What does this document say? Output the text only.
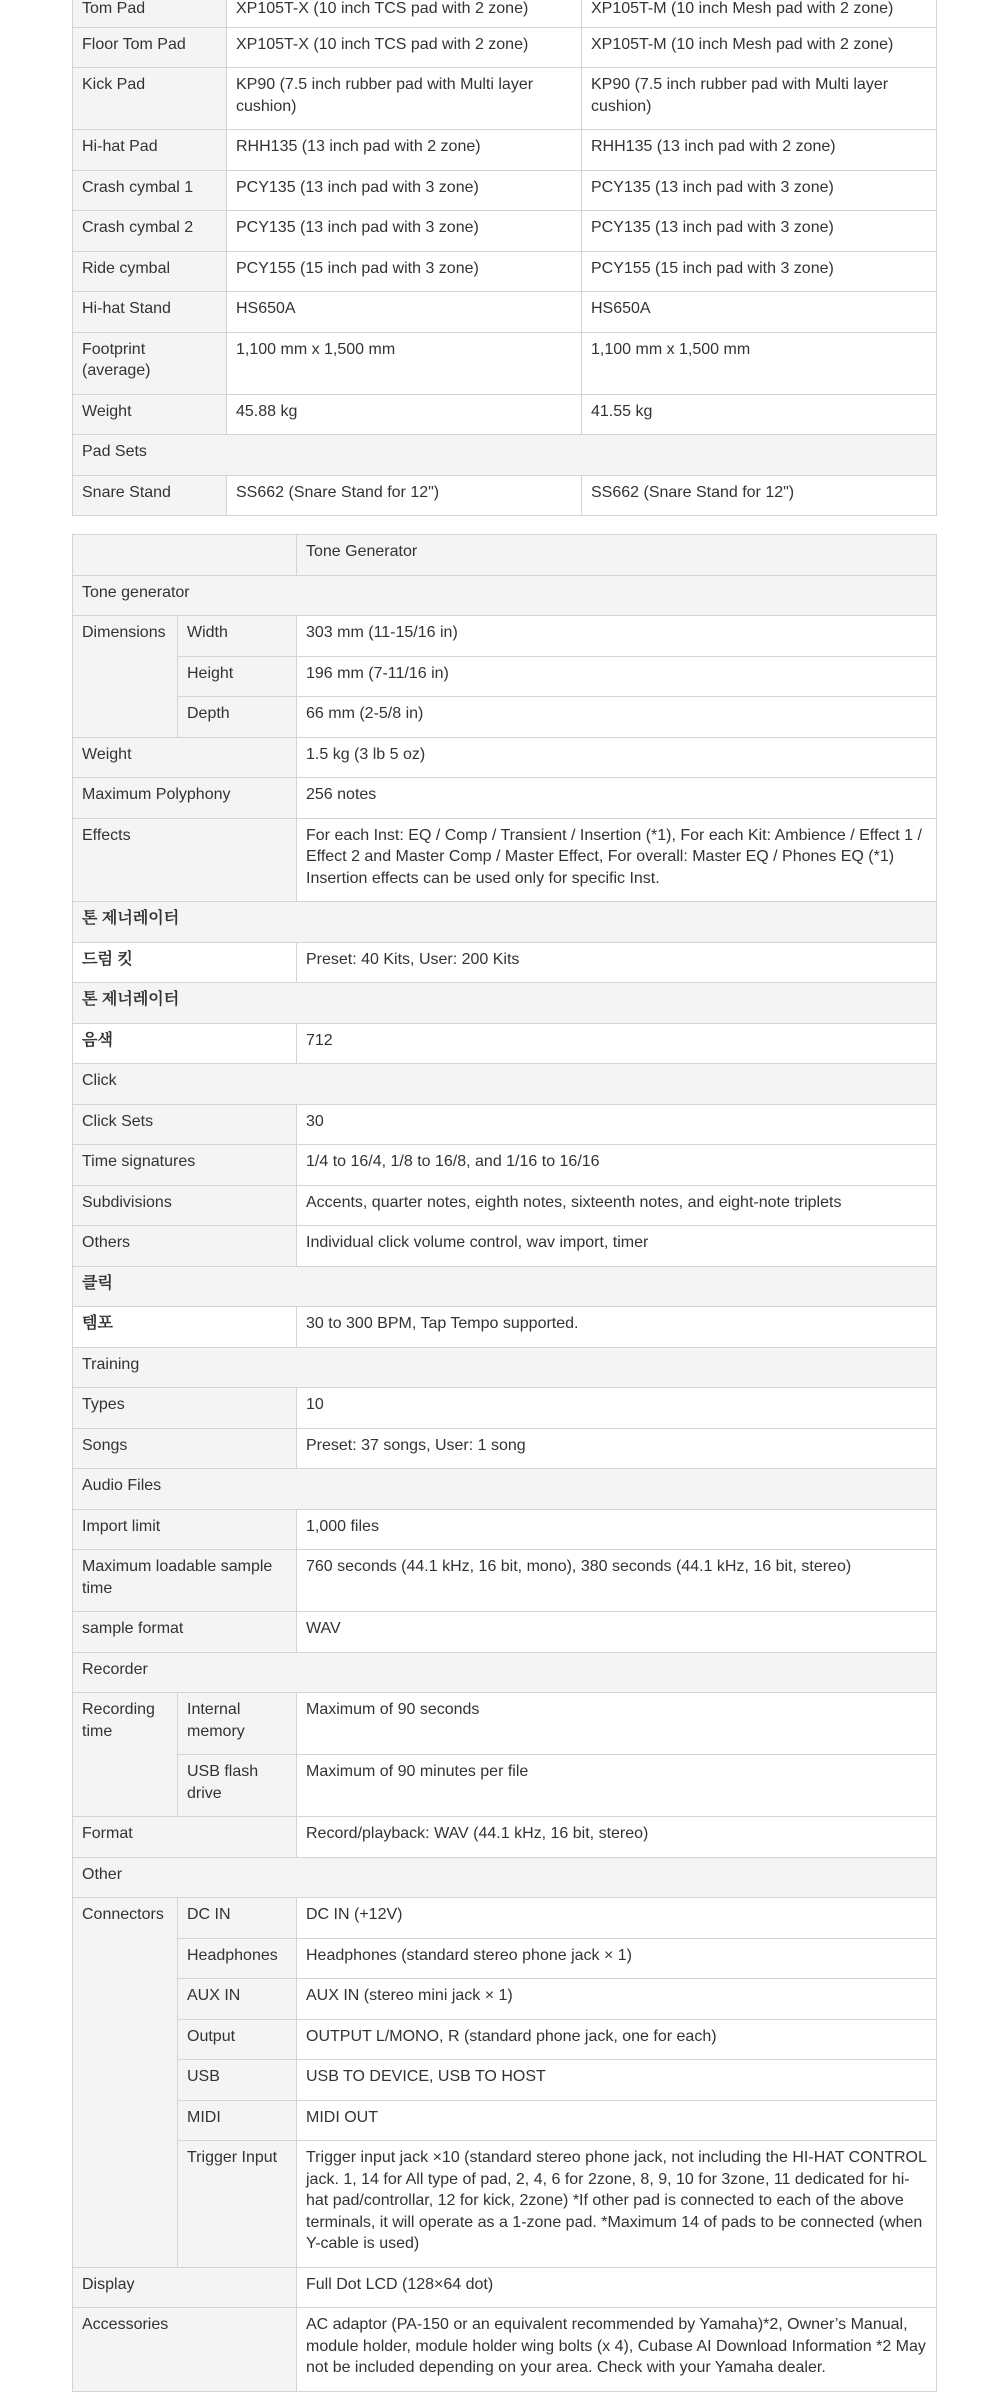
Tom Pad	XP105T-X (10 inch TCS pad with 2 zone)	XP105T-M (10 inch Mesh pad with 2 zone)
Floor Tom Pad	XP105T-X (10 inch TCS pad with 2 zone)	XP105T-M (10 inch Mesh pad with 2 zone)
Kick Pad	KP90 (7.5 inch rubber pad with Multi layer cushion)	KP90 (7.5 inch rubber pad with Multi layer cushion)
Hi-hat Pad	RHH135 (13 inch pad with 2 zone)	RHH135 (13 inch pad with 2 zone)
Crash cymbal 1	PCY135 (13 inch pad with 3 zone)	PCY135 (13 inch pad with 3 zone)
Crash cymbal 2	PCY135 (13 inch pad with 3 zone)	PCY135 (13 inch pad with 3 zone)
Ride cymbal	PCY155 (15 inch pad with 3 zone)	PCY155 (15 inch pad with 3 zone)
Hi-hat Stand	HS650A	HS650A
Footprint (average)	1,100 mm x 1,500 mm	1,100 mm x 1,500 mm
Weight	45.88 kg	41.55 kg
Pad Sets		
Snare Stand	SS662 (Snare Stand for 12")	SS662 (Snare Stand for 12")
		Tone Generator
Tone generator		
Dimensions	Width	303 mm (11-15/16 in)
	Height	196 mm (7-11/16 in)
	Depth	66 mm (2-5/8 in)
Weight		1.5 kg (3 lb 5 oz)
Maximum Polyphony		256 notes
Effects		For each Inst: EQ / Comp / Transient / Insertion (*1), For each Kit: Ambience / Effect 1 / Effect 2 and Master Comp / Master Effect, For overall: Master EQ / Phones EQ (*1) Insertion effects can be used only for specific Inst.
톤 제너레이터		
드럼 킷		Preset: 40 Kits, User: 200 Kits
톤 제너레이터		
음색		712
Click		
Click Sets		30
Time signatures		1/4 to 16/4, 1/8 to 16/8, and 1/16 to 16/16
Subdivisions		Accents, quarter notes, eighth notes, sixteenth notes, and eight-note triplets
Others		Individual click volume control, wav import, timer
클릭		
템포		30 to 300 BPM, Tap Tempo supported.
Training		
Types		10
Songs		Preset: 37 songs, User: 1 song
Audio Files		
Import limit		1,000 files
Maximum loadable sample time		760 seconds (44.1 kHz, 16 bit, mono), 380 seconds (44.1 kHz, 16 bit, stereo)
sample format		WAV
Recorder		
Recording time	Internal memory	Maximum of 90 seconds
	USB flash drive	Maximum of 90 minutes per file
Format		Record/playback: WAV (44.1 kHz, 16 bit, stereo)
Other		
Connectors	DC IN	DC IN (+12V)
	Headphones	Headphones (standard stereo phone jack × 1)
	AUX IN	AUX IN (stereo mini jack × 1)
	Output	OUTPUT L/MONO, R (standard phone jack, one for each)
	USB	USB TO DEVICE, USB TO HOST
	MIDI	MIDI OUT
	Trigger Input	Trigger input jack ×10 (standard stereo phone jack, not including the HI-HAT CONTROL jack. 1, 14 for All type of pad, 2, 4, 6 for 2zone, 8, 9, 10 for 3zone, 11 dedicated for hi-hat pad/controllar, 12 for kick, 2zone) *If other pad is connected to each of the above terminals, it will operate as a 1-zone pad. *Maximum 14 of pads to be connected (when Y-cable is used)
Display		Full Dot LCD (128×64 dot)
Accessories		AC adaptor (PA-150 or an equivalent recommended by Yamaha)*2, Owner’s Manual, module holder, module holder wing bolts (x 4), Cubase AI Download Information *2 May not be included depending on your area. Check with your Yamaha dealer.
